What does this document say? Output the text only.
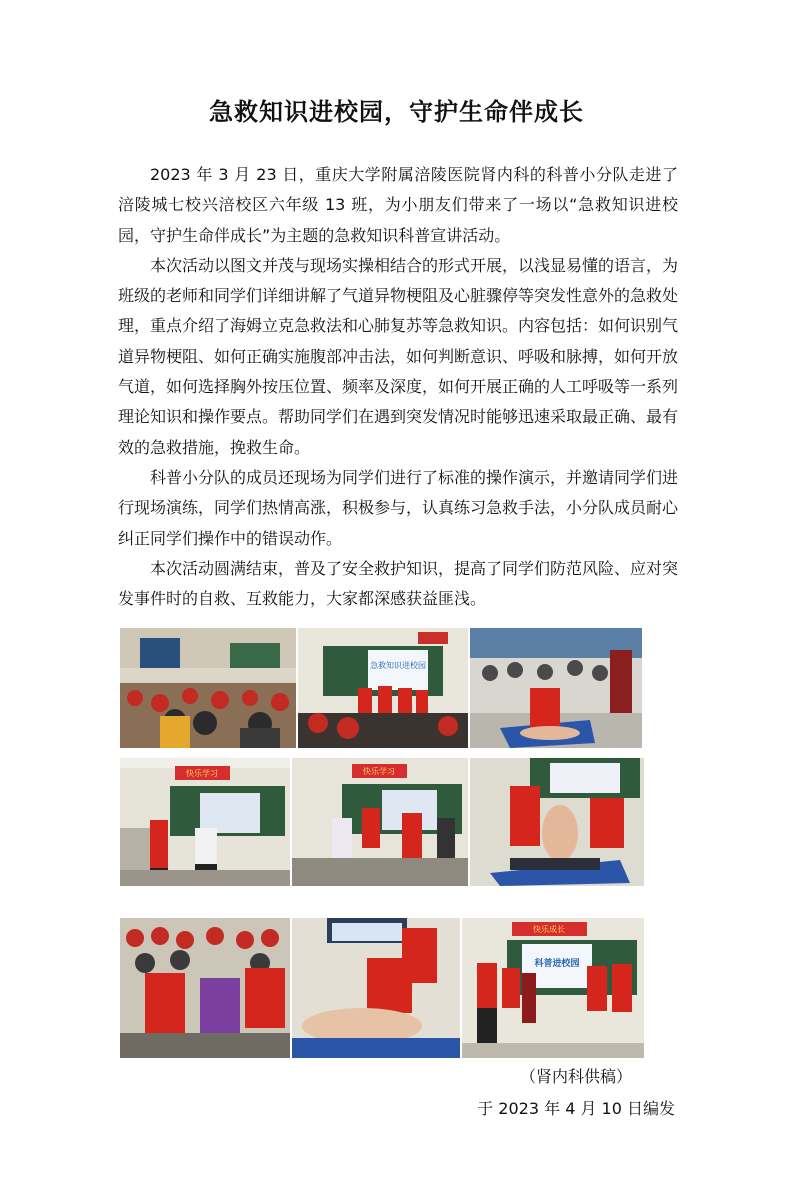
急救知识进校园，守护生命伴成长

2023 年 3 月 23 日，重庆大学附属涪陵医院肾内科的科普小分队走进了涪陵城七校兴涪校区六年级 13 班，为小朋友们带来了一场以“急救知识进校园，守护生命伴成长”为主题的急救知识科普宣讲活动。

本次活动以图文并茂与现场实操相结合的形式开展，以浅显易懂的语言，为班级的老师和同学们详细讲解了气道异物梗阻及心脏骤停等突发性意外的急救处理，重点介绍了海姆立克急救法和心肺复苏等急救知识。内容包括：如何识别气道异物梗阻、如何正确实施腹部冲击法，如何判断意识、呼吸和脉搏，如何开放气道，如何选择胸外按压位置、频率及深度，如何开展正确的人工呼吸等一系列理论知识和操作要点。帮助同学们在遇到突发情况时能够迅速采取最正确、最有效的急救措施，挽救生命。

科普小分队的成员还现场为同学们进行了标准的操作演示，并邀请同学们进行现场演练，同学们热情高涨，积极参与，认真练习急救手法，小分队成员耐心纠正同学们操作中的错误动作。

本次活动圆满结束，普及了安全救护知识，提高了同学们防范风险、应对突发事件时的自救、互救能力，大家都深感获益匪浅。

急救知识进校园
快乐学习	快乐学习
快乐成长
科普进校园
（肾内科供稿）
于 2023 年 4 月 10 日编发
